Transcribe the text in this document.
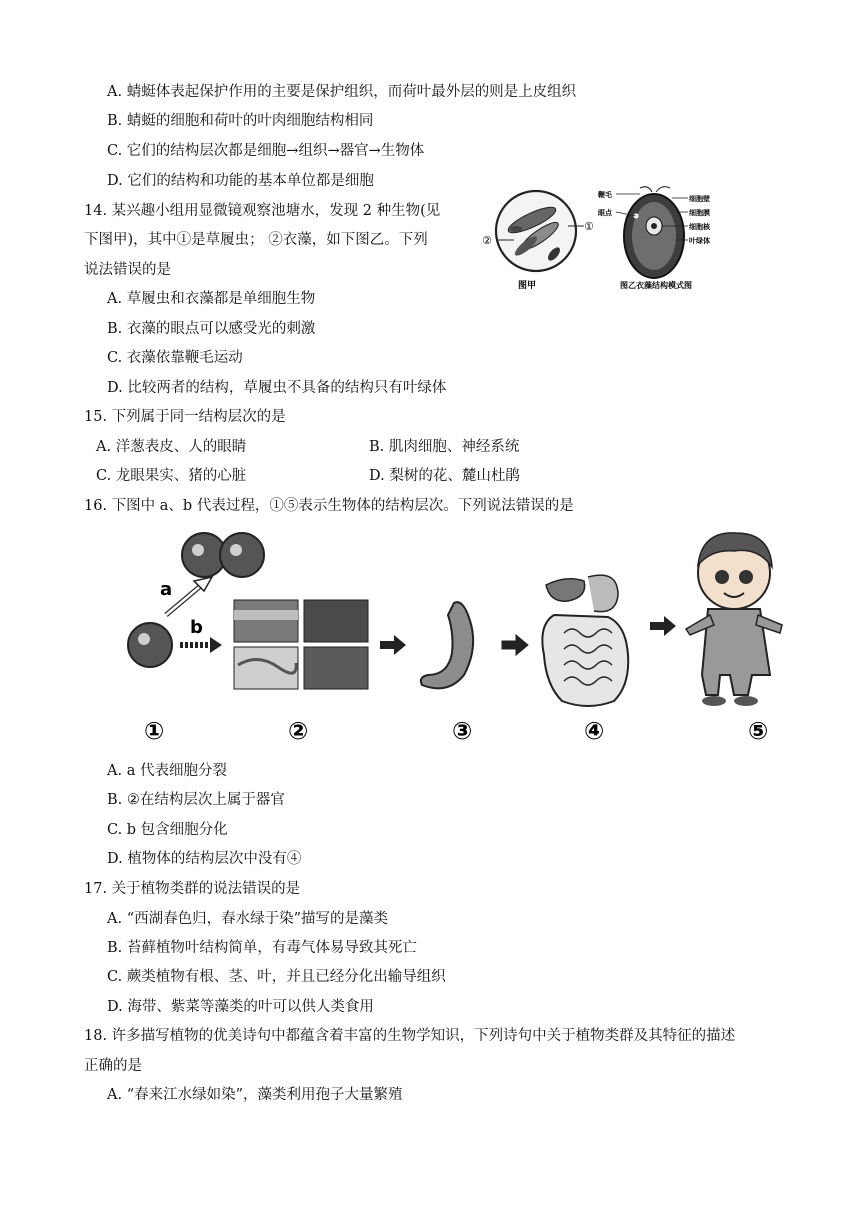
A. 蜻蜓体表起保护作用的主要是保护组织，而荷叶最外层的则是上皮组织
B. 蜻蜓的细胞和荷叶的叶肉细胞结构相同
C. 它们的结构层次都是细胞→组织→器官→生物体
D. 它们的结构和功能的基本单位都是细胞
14. 某兴趣小组用显微镜观察池塘水，发现 2 种生物(见
下图甲)，其中①是草履虫； ②衣藻，如下图乙。下列
说法错误的是
②
①
图甲
鞭毛
眼点
细胞壁
细胞膜
细胞核
叶绿体
图乙衣藻结构模式图
A. 草履虫和衣藻都是单细胞生物
B. 衣藻的眼点可以感受光的刺激
C. 衣藻依靠鞭毛运动
D. 比较两者的结构，草履虫不具备的结构只有叶绿体
15. 下列属于同一结构层次的是
A. 洋葱表皮、人的眼睛	B. 肌肉细胞、神经系统
C. 龙眼果实、猪的心脏	D. 梨树的花、麓山杜鹃
16. 下图中 a、b 代表过程，①⑤表示生物体的结构层次。下列说法错误的是
a
b
①	②	③	④	⑤
A. a 代表细胞分裂
B. ②在结构层次上属于器官
C. b 包含细胞分化
D. 植物体的结构层次中没有④
17. 关于植物类群的说法错误的是
A. “西湖春色归，春水绿于染”描写的是藻类
B. 苔藓植物叶结构简单，有毒气体易导致其死亡
C. 蕨类植物有根、茎、叶，并且已经分化出输导组织
D. 海带、紫菜等藻类的叶可以供人类食用
18. 许多描写植物的优美诗句中都蕴含着丰富的生物学知识，下列诗句中关于植物类群及其特征的描述
正确的是
A. “春来江水绿如染”，藻类利用孢子大量繁殖
